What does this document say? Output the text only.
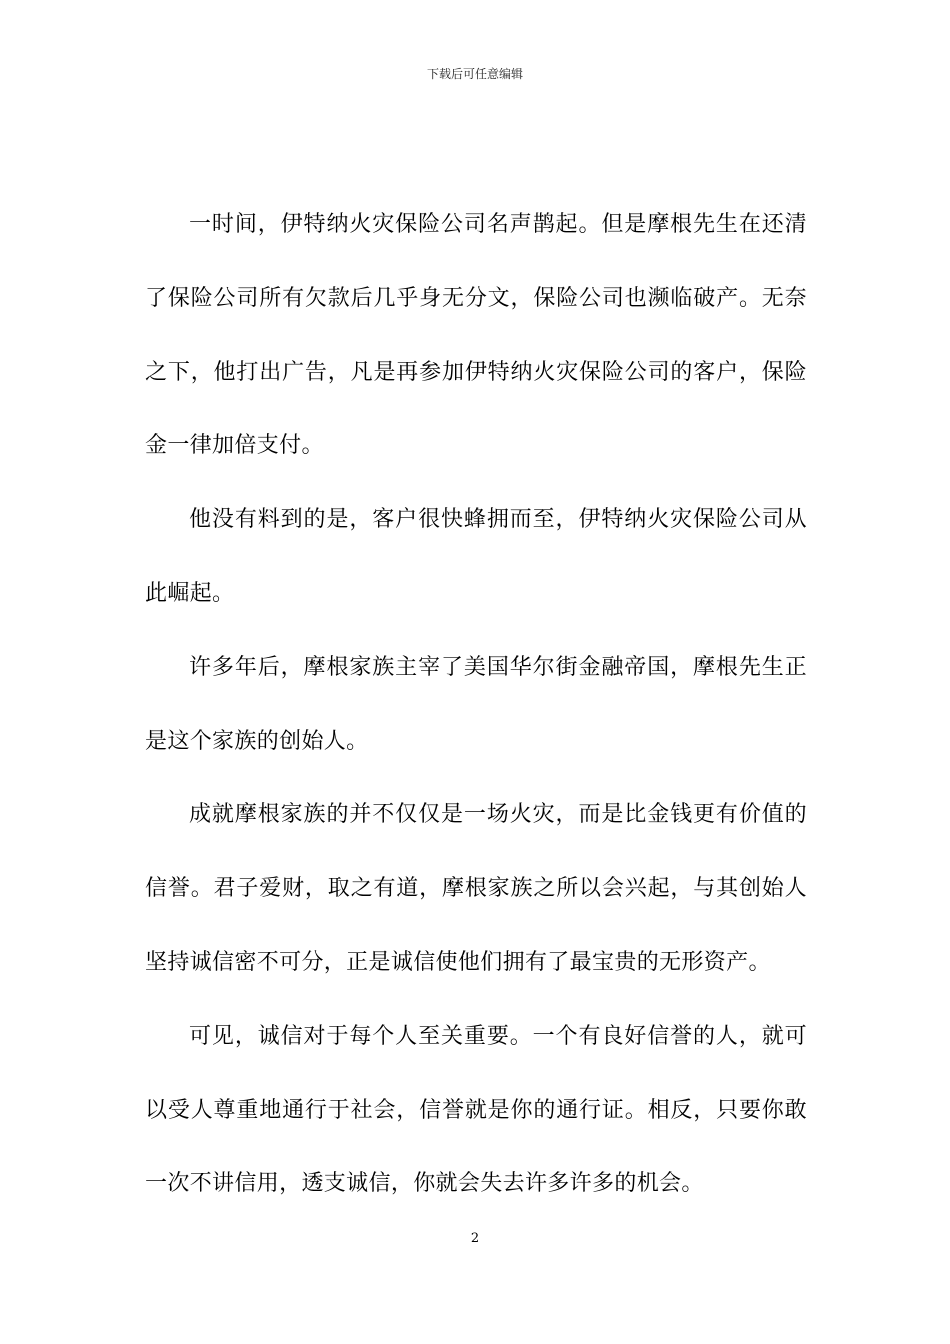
下载后可任意编辑
一时间，伊特纳火灾保险公司名声鹊起。但是摩根先生在还清
了保险公司所有欠款后几乎身无分文，保险公司也濒临破产。无奈
之下，他打出广告，凡是再参加伊特纳火灾保险公司的客户，保险
金一律加倍支付。
他没有料到的是，客户很快蜂拥而至，伊特纳火灾保险公司从
此崛起。
许多年后，摩根家族主宰了美国华尔街金融帝国，摩根先生正
是这个家族的创始人。
成就摩根家族的并不仅仅是一场火灾，而是比金钱更有价值的
信誉。君子爱财，取之有道，摩根家族之所以会兴起，与其创始人
坚持诚信密不可分，正是诚信使他们拥有了最宝贵的无形资产。
可见，诚信对于每个人至关重要。一个有良好信誉的人，就可
以受人尊重地通行于社会，信誉就是你的通行证。相反，只要你敢
一次不讲信用，透支诚信，你就会失去许多许多的机会。
2
